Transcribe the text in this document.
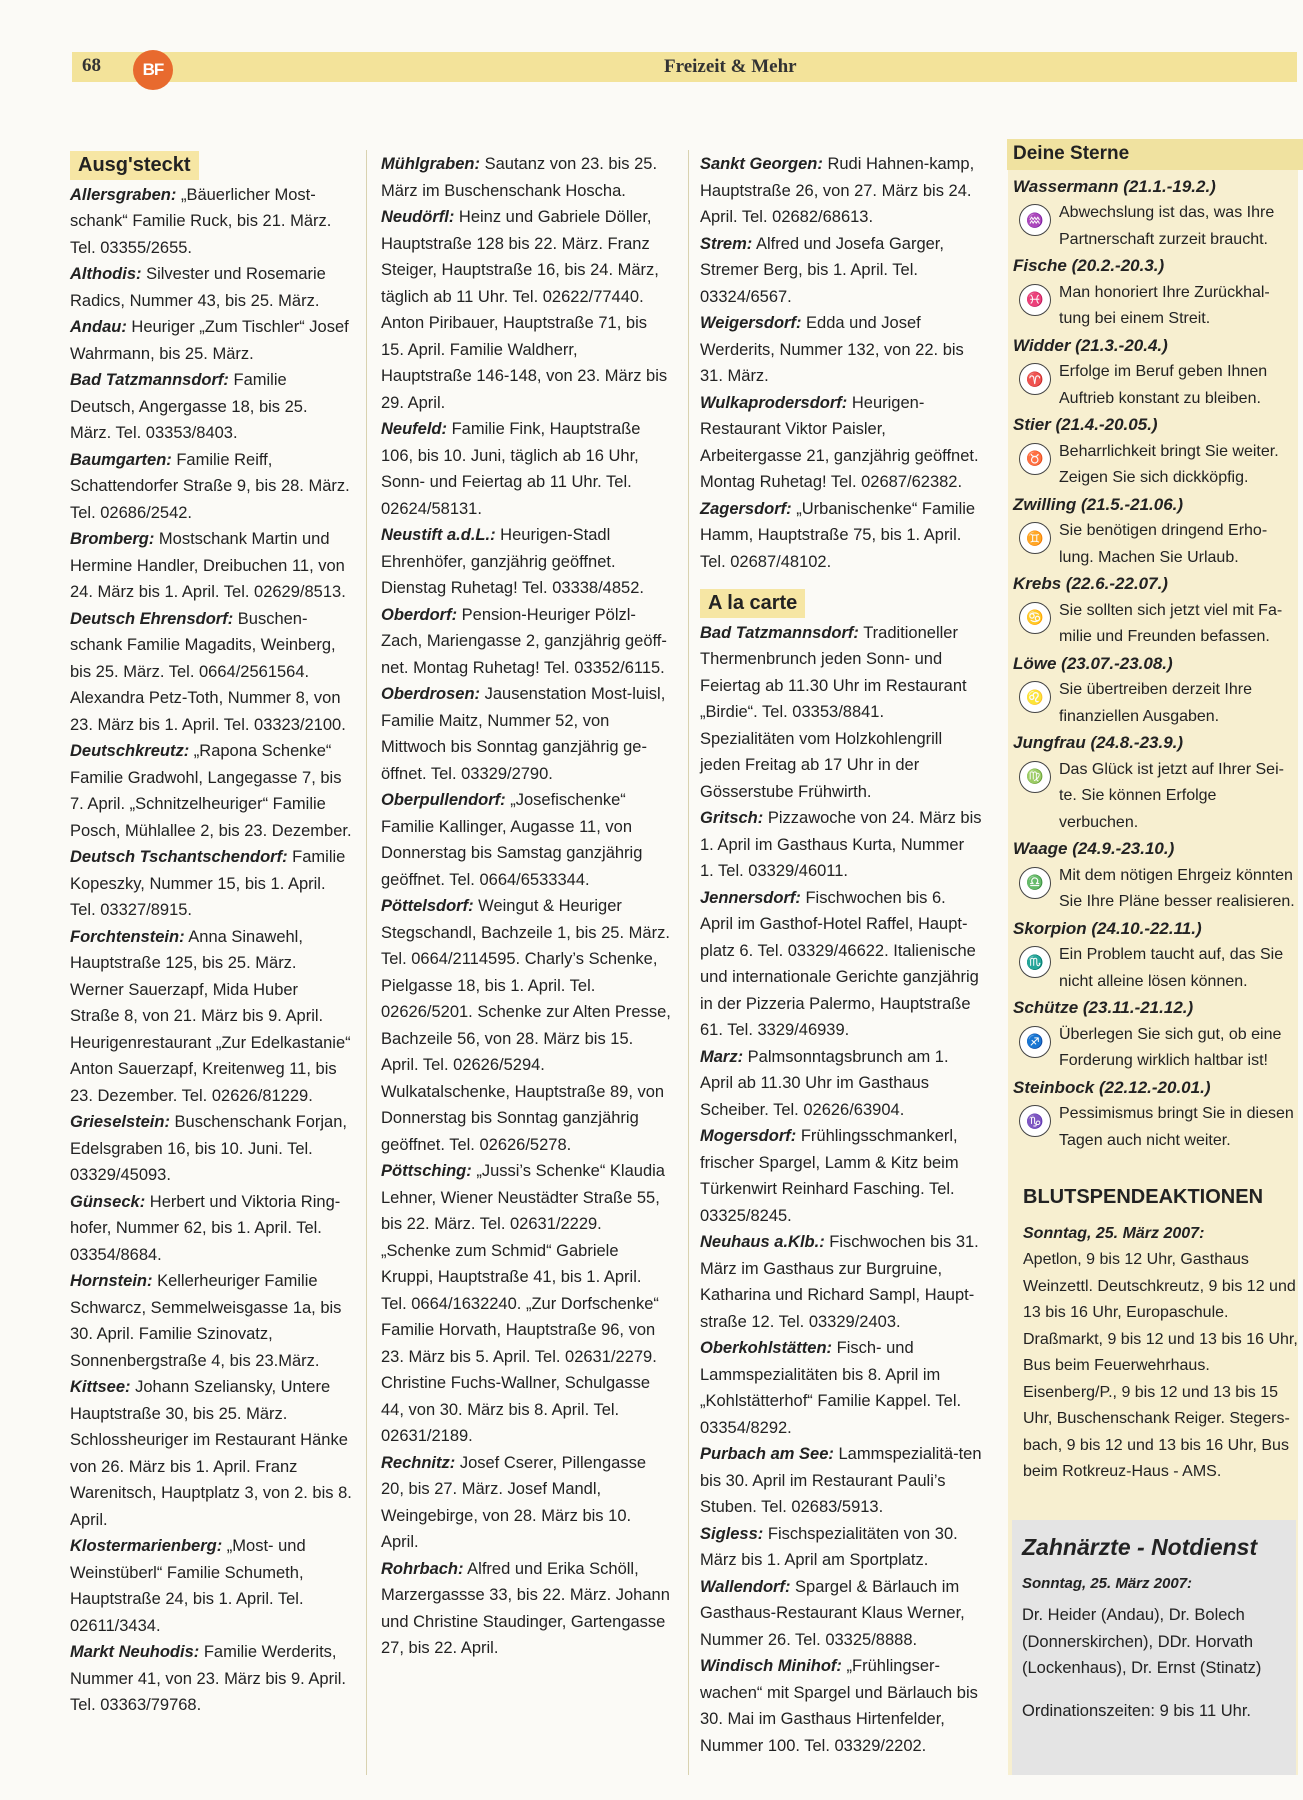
68	BF	Freizeit & Mehr
Ausg'steckt

Allersgraben: „Bäuerlicher Most-schank“ Familie Ruck, bis 21. März. Tel. 03355/2655.

Althodis: Silvester und Rosemarie Radics, Nummer 43, bis 25. März.

Andau: Heuriger „Zum Tischler“ Josef Wahrmann, bis 25. März.

Bad Tatzmannsdorf: Familie Deutsch, Angergasse 18, bis 25. März. Tel. 03353/8403.

Baumgarten: Familie Reiff, Schattendorfer Straße 9, bis 28. März. Tel. 02686/2542.

Bromberg: Mostschank Martin und Hermine Handler, Dreibuchen 11, von 24. März bis 1. April. Tel. 02629/8513.

Deutsch Ehrensdorf: Buschen-schank Familie Magadits, Weinberg, bis 25. März. Tel. 0664/2561564. Alexandra Petz-Toth, Nummer 8, von 23. März bis 1. April. Tel. 03323/2100.

Deutschkreutz: „Rapona Schenke“ Familie Gradwohl, Langegasse 7, bis 7. April. „Schnitzelheuriger“ Familie Posch, Mühlallee 2, bis 23. Dezember.

Deutsch Tschantschendorf: Familie Kopeszky, Nummer 15, bis 1. April. Tel. 03327/8915.

Forchtenstein: Anna Sinawehl, Hauptstraße 125, bis 25. März. Werner Sauerzapf, Mida Huber Straße 8, von 21. März bis 9. April. Heurigenrestaurant „Zur Edelkastanie“ Anton Sauerzapf, Kreitenweg 11, bis 23. Dezember. Tel. 02626/81229.

Grieselstein: Buschenschank Forjan, Edelsgraben 16, bis 10. Juni. Tel. 03329/45093.

Günseck: Herbert und Viktoria Ring-hofer, Nummer 62, bis 1. April. Tel. 03354/8684.

Hornstein: Kellerheuriger Familie Schwarcz, Semmelweisgasse 1a, bis 30. April. Familie Szinovatz, Sonnenbergstraße 4, bis 23.März.

Kittsee: Johann Szeliansky, Untere Hauptstraße 30, bis 25. März. Schlossheuriger im Restaurant Hänke von 26. März bis 1. April. Franz Warenitsch, Hauptplatz 3, von 2. bis 8. April.

Klostermarienberg: „Most- und Weinstüberl“ Familie Schumeth, Hauptstraße 24, bis 1. April. Tel. 02611/3434.

Markt Neuhodis: Familie Werderits, Nummer 41, von 23. März bis 9. April. Tel. 03363/79768.

Mühlgraben: Sautanz von 23. bis 25. März im Buschenschank Hoscha.

Neudörfl: Heinz und Gabriele Döller, Hauptstraße 128 bis 22. März. Franz Steiger, Hauptstraße 16, bis 24. März, täglich ab 11 Uhr. Tel. 02622/77440. Anton Piribauer, Hauptstraße 71, bis 15. April. Familie Waldherr, Hauptstraße 146-148, von 23. März bis 29. April.

Neufeld: Familie Fink, Hauptstraße 106, bis 10. Juni, täglich ab 16 Uhr, Sonn- und Feiertag ab 11 Uhr. Tel. 02624/58131.

Neustift a.d.L.: Heurigen-Stadl Ehrenhöfer, ganzjährig geöffnet. Dienstag Ruhetag! Tel. 03338/4852.

Oberdorf: Pension-Heuriger Pölzl-Zach, Mariengasse 2, ganzjährig geöff-net. Montag Ruhetag! Tel. 03352/6115.

Oberdrosen: Jausenstation Most-luisl, Familie Maitz, Nummer 52, von Mittwoch bis Sonntag ganzjährig ge-öffnet. Tel. 03329/2790.

Oberpullendorf: „Josefischenke“ Familie Kallinger, Augasse 11, von Donnerstag bis Samstag ganzjährig geöffnet. Tel. 0664/6533344.

Pöttelsdorf: Weingut & Heuriger Stegschandl, Bachzeile 1, bis 25. März. Tel. 0664/2114595. Charly’s Schenke, Pielgasse 18, bis 1. April. Tel. 02626/5201. Schenke zur Alten Presse, Bachzeile 56, von 28. März bis 15. April. Tel. 02626/5294. Wulkatalschenke, Hauptstraße 89, von Donnerstag bis Sonntag ganzjährig geöffnet. Tel. 02626/5278.

Pöttsching: „Jussi’s Schenke“ Klaudia Lehner, Wiener Neustädter Straße 55, bis 22. März. Tel. 02631/2229. „Schenke zum Schmid“ Gabriele Kruppi, Hauptstraße 41, bis 1. April. Tel. 0664/1632240. „Zur Dorfschenke“ Familie Horvath, Hauptstraße 96, von 23. März bis 5. April. Tel. 02631/2279. Christine Fuchs-Wallner, Schulgasse 44, von 30. März bis 8. April. Tel. 02631/2189.

Rechnitz: Josef Cserer, Pillengasse 20, bis 27. März. Josef Mandl, Weingebirge, von 28. März bis 10. April.

Rohrbach: Alfred und Erika Schöll, Marzergassse 33, bis 22. März. Johann und Christine Staudinger, Gartengasse 27, bis 22. April.

Sankt Georgen: Rudi Hahnen-kamp, Hauptstraße 26, von 27. März bis 24. April. Tel. 02682/68613.

Strem: Alfred und Josefa Garger, Stremer Berg, bis 1. April. Tel. 03324/6567.

Weigersdorf: Edda und Josef Werderits, Nummer 132, von 22. bis 31. März.

Wulkaprodersdorf: Heurigen-Restaurant Viktor Paisler, Arbeitergasse 21, ganzjährig geöffnet. Montag Ruhetag! Tel. 02687/62382.

Zagersdorf: „Urbanischenke“ Familie Hamm, Hauptstraße 75, bis 1. April. Tel. 02687/48102.

A la carte

Bad Tatzmannsdorf: Traditioneller Thermenbrunch jeden Sonn- und Feiertag ab 11.30 Uhr im Restaurant „Birdie“. Tel. 03353/8841. Spezialitäten vom Holzkohlengrill jeden Freitag ab 17 Uhr in der Gösserstube Frühwirth.

Gritsch: Pizzawoche von 24. März bis 1. April im Gasthaus Kurta, Nummer 1. Tel. 03329/46011.

Jennersdorf: Fischwochen bis 6. April im Gasthof-Hotel Raffel, Haupt-platz 6. Tel. 03329/46622. Italienische und internationale Gerichte ganzjährig in der Pizzeria Palermo, Hauptstraße 61. Tel. 3329/46939.

Marz: Palmsonntagsbrunch am 1. April ab 11.30 Uhr im Gasthaus Scheiber. Tel. 02626/63904.

Mogersdorf: Frühlingsschmankerl, frischer Spargel, Lamm & Kitz beim Türkenwirt Reinhard Fasching. Tel. 03325/8245.

Neuhaus a.Klb.: Fischwochen bis 31. März im Gasthaus zur Burgruine, Katharina und Richard Sampl, Haupt-straße 12. Tel. 03329/2403.

Oberkohlstätten: Fisch- und Lammspezialitäten bis 8. April im „Kohlstätterhof“ Familie Kappel. Tel. 03354/8292.

Purbach am See: Lammspezialitä-ten bis 30. April im Restaurant Pauli’s Stuben. Tel. 02683/5913.

Sigless: Fischspezialitäten von 30. März bis 1. April am Sportplatz.

Wallendorf: Spargel & Bärlauch im Gasthaus-Restaurant Klaus Werner, Nummer 26. Tel. 03325/8888.

Windisch Minihof: „Frühlingser-wachen“ mit Spargel und Bärlauch bis 30. Mai im Gasthaus Hirtenfelder, Nummer 100. Tel. 03329/2202.

Deine Sterne
Wassermann (21.1.-19.2.)
♒ Abwechslung ist das, was Ihre Partnerschaft zurzeit braucht.
Fische (20.2.-20.3.)
♓ Man honoriert Ihre Zurückhal-tung bei einem Streit.
Widder (21.3.-20.4.)
♈ Erfolge im Beruf geben Ihnen Auftrieb konstant zu bleiben.
Stier (21.4.-20.05.)
♉ Beharrlichkeit bringt Sie weiter. Zeigen Sie sich dickköpfig.
Zwilling (21.5.-21.06.)
♊ Sie benötigen dringend Erho-lung. Machen Sie Urlaub.
Krebs (22.6.-22.07.)
♋ Sie sollten sich jetzt viel mit Fa-milie und Freunden befassen.
Löwe (23.07.-23.08.)
♌ Sie übertreiben derzeit Ihre finanziellen Ausgaben.
Jungfrau (24.8.-23.9.)
♍ Das Glück ist jetzt auf Ihrer Sei-te. Sie können Erfolge verbuchen.
Waage (24.9.-23.10.)
♎ Mit dem nötigen Ehrgeiz könnten Sie Ihre Pläne besser realisieren.
Skorpion (24.10.-22.11.)
♏ Ein Problem taucht auf, das Sie nicht alleine lösen können.
Schütze (23.11.-21.12.)
♐ Überlegen Sie sich gut, ob eine Forderung wirklich haltbar ist!
Steinbock (22.12.-20.01.)
♑ Pessimismus bringt Sie in diesen Tagen auch nicht weiter.
BLUTSPENDEAKTIONEN

Sonntag, 25. März 2007:

Apetlon, 9 bis 12 Uhr, Gasthaus Weinzettl. Deutschkreutz, 9 bis 12 und 13 bis 16 Uhr, Europaschule. Draßmarkt, 9 bis 12 und 13 bis 16 Uhr, Bus beim Feuerwehrhaus. Eisenberg/P., 9 bis 12 und 13 bis 15 Uhr, Buschenschank Reiger. Stegers-bach, 9 bis 12 und 13 bis 16 Uhr, Bus beim Rotkreuz-Haus - AMS.

Zahnärzte - Notdienst
Sonntag, 25. März 2007:

Dr. Heider (Andau), Dr. Bolech (Donnerskirchen), DDr. Horvath (Lockenhaus), Dr. Ernst (Stinatz)

Ordinationszeiten: 9 bis 11 Uhr.
